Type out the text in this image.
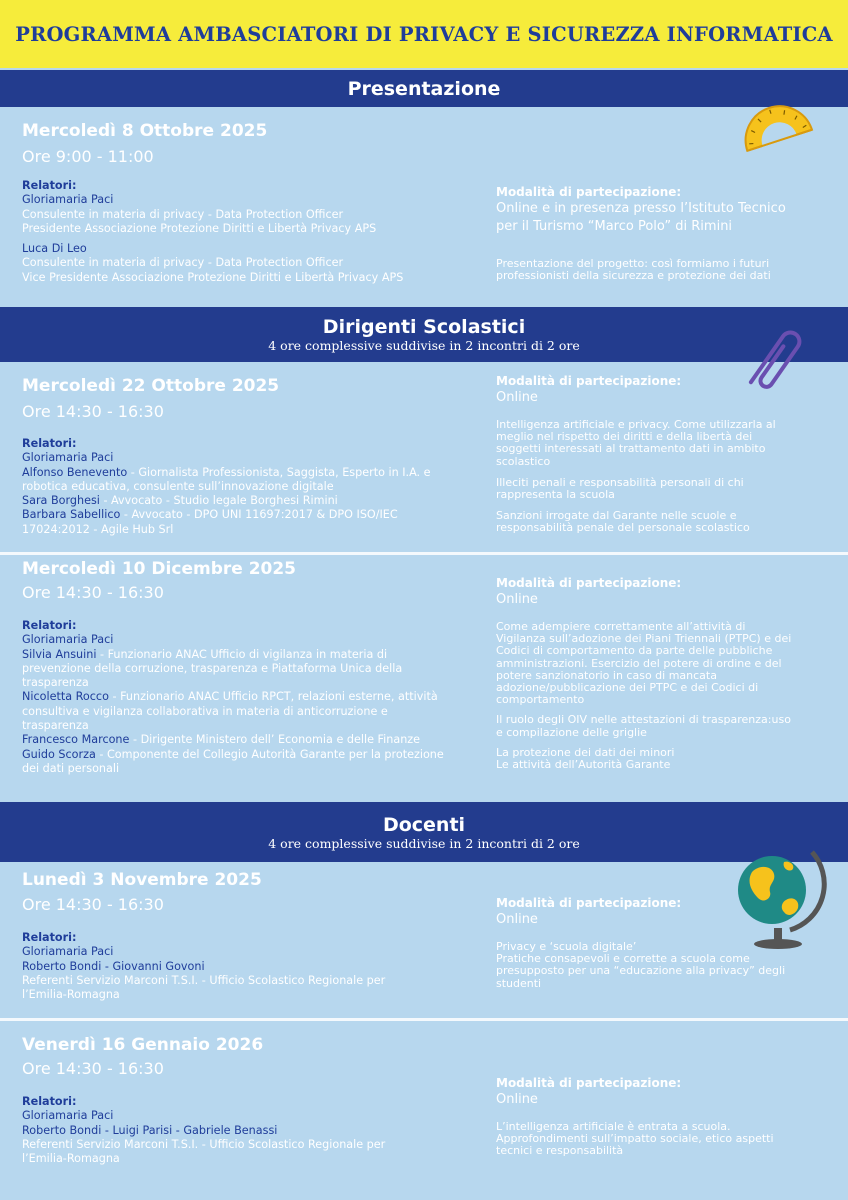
PROGRAMMA AMBASCIATORI DI PRIVACY E SICUREZZA INFORMATICA
Presentazione
Mercoledì 8 Ottobre 2025
Ore 9:00 - 11:00
Relatori:
Gloriamaria Paci
Consulente in materia di privacy - Data Protection Officer
Presidente Associazione Protezione Diritti e Libertà Privacy APS
Luca Di Leo
Consulente in materia di privacy - Data Protection Officer
Vice Presidente Associazione Protezione Diritti e Libertà Privacy APS
Modalità di partecipazione:
Online e in presenza presso l’Istituto Tecnico per il Turismo “Marco Polo” di Rimini
Presentazione del progetto: così formiamo i futuri professionisti della sicurezza e protezione dei dati
Dirigenti Scolastici
4 ore complessive suddivise in 2 incontri di 2 ore
Mercoledì 22 Ottobre 2025
Ore 14:30 - 16:30
Relatori:
Gloriamaria Paci
Alfonso Benevento - Giornalista Professionista, Saggista, Esperto in I.A. e robotica educativa, consulente sull’innovazione digitale
Sara Borghesi - Avvocato - Studio legale Borghesi Rimini
Barbara Sabellico - Avvocato - DPO UNI 11697:2017 & DPO ISO/IEC 17024:2012 - Agile Hub Srl
Modalità di partecipazione:
Online
Intelligenza artificiale e privacy. Come utilizzarla al meglio nel rispetto dei diritti e della libertà dei soggetti interessati al trattamento dati in ambito scolastico
Illeciti penali e responsabilità personali di chi rappresenta la scuola
Sanzioni irrogate dal Garante nelle scuole e responsabilità penale del personale scolastico
Mercoledì 10 Dicembre 2025
Ore 14:30 - 16:30
Relatori:
Gloriamaria Paci
Silvia Ansuini - Funzionario ANAC Ufficio di vigilanza in materia di prevenzione della corruzione, trasparenza e Piattaforma Unica della trasparenza
Nicoletta Rocco - Funzionario ANAC Ufficio RPCT, relazioni esterne, attività consultiva e vigilanza collaborativa in materia di anticorruzione e trasparenza
Francesco Marcone - Dirigente Ministero dell’ Economia e delle Finanze
Guido Scorza - Componente del Collegio Autorità Garante per la protezione dei dati personali
Modalità di partecipazione:
Online
Come adempiere correttamente all’attività di Vigilanza sull’adozione dei Piani Triennali (PTPC) e dei Codici di comportamento da parte delle pubbliche amministrazioni. Esercizio del potere di ordine e del potere sanzionatorio in caso di mancata adozione/pubblicazione dei PTPC e dei Codici di comportamento
Il ruolo degli OIV nelle attestazioni di trasparenza:uso e compilazione delle griglie
La protezione dei dati dei minori
Le attività dell’Autorità Garante
Docenti
4 ore complessive suddivise in 2 incontri di 2 ore
Lunedì 3 Novembre 2025
Ore 14:30 - 16:30
Relatori:
Gloriamaria Paci
Roberto Bondi - Giovanni Govoni
Referenti Servizio Marconi T.S.I. - Ufficio Scolastico Regionale per l’Emilia-Romagna
Modalità di partecipazione:
Online
Privacy e ‘scuola digitale’
Pratiche consapevoli e corrette a scuola come presupposto per una “educazione alla privacy” degli studenti
Venerdì 16 Gennaio 2026
Ore 14:30 - 16:30
Relatori:
Gloriamaria Paci
Roberto Bondi - Luigi Parisi - Gabriele Benassi
Referenti Servizio Marconi T.S.I. - Ufficio Scolastico Regionale per l’Emilia-Romagna
Modalità di partecipazione:
Online
L’intelligenza artificiale è entrata a scuola. Approfondimenti sull’impatto sociale, etico aspetti tecnici e responsabilità
